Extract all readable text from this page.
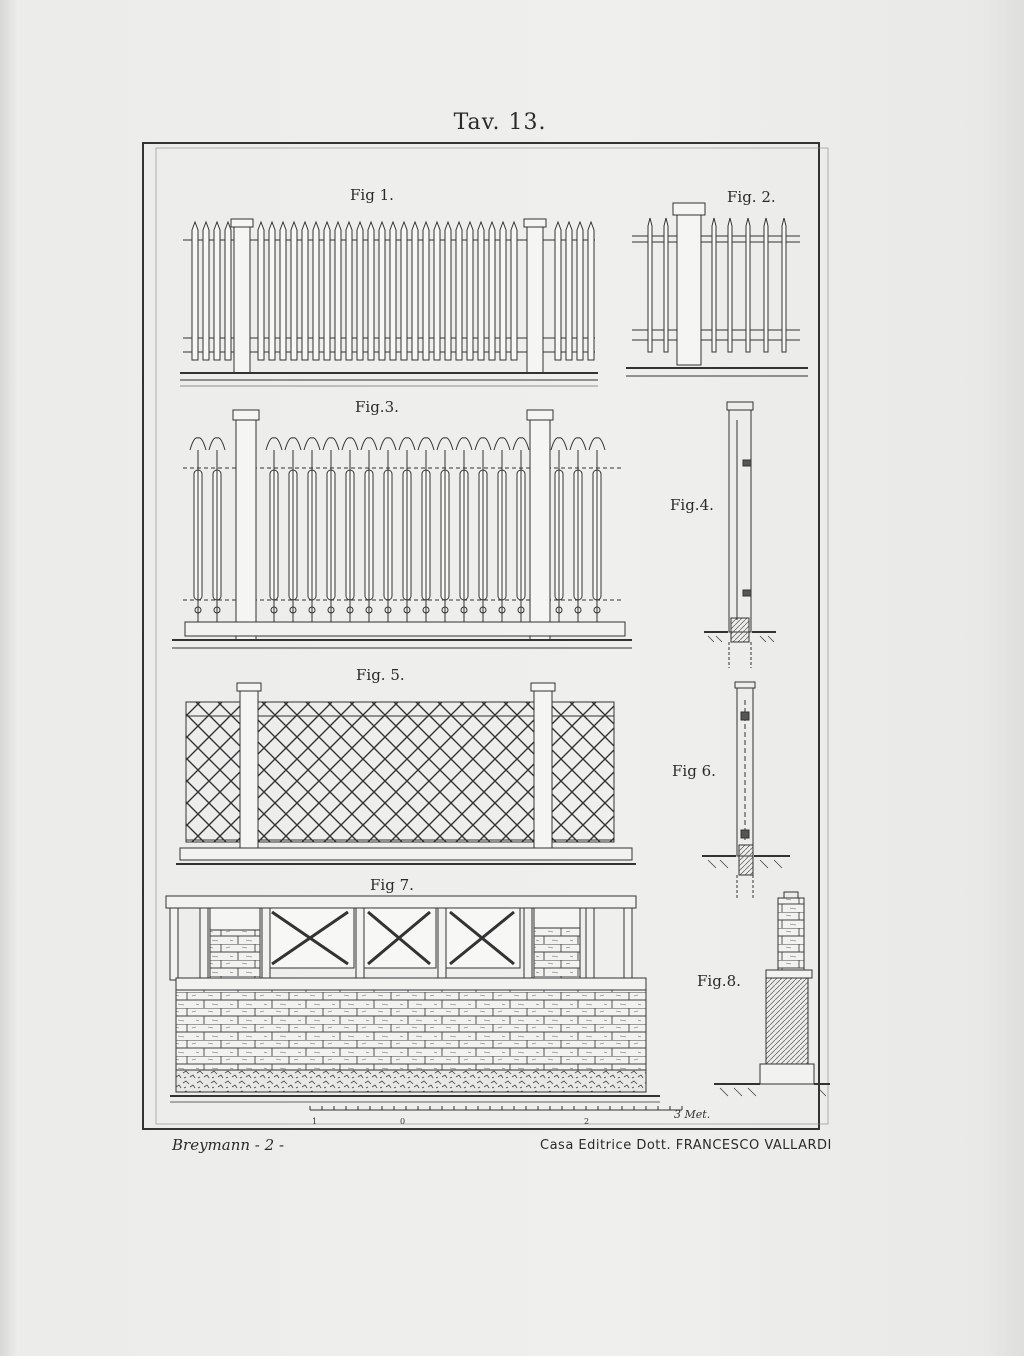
Tav. 13.
1	0	2
3 Met.
Fig 1.	Fig. 2.
Fig.3.
Fig.4.
Fig. 5.
Fig 6.
Fig 7.
Fig.8.
Breymann - 2 -	Casa Editrice Dott. FRANCESCO VALLARDI
